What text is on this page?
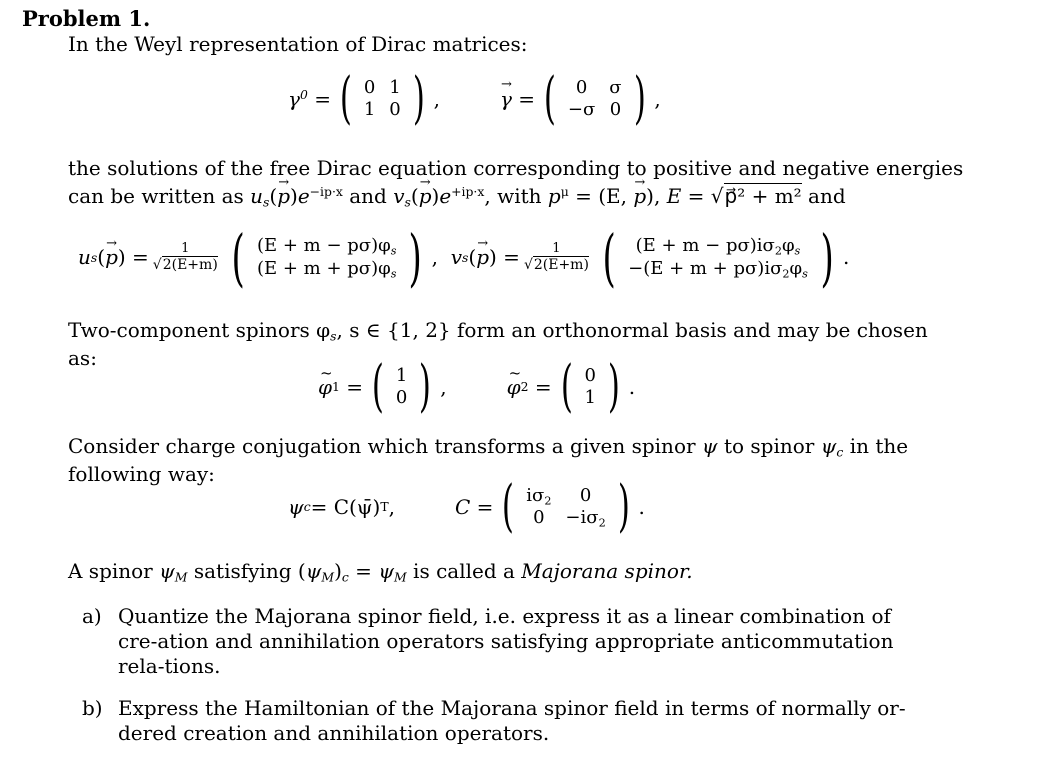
Problem 1.
In the Weyl representation of Dirac matrices:
$\gamma^0$ = ( 0	1
1	0 ) ,	γ → = ( 0	σ
−σ	0 ) ,
the solutions of the free Dirac equation corresponding to positive and negative energies
can be written as $u_s(p \to)e^{-ip\cdot x}$ and $v_s(p \to)e^{+ip\cdot x}$, with $p^\mu = (E$, p →), E = √p⃗² + m² and
u s ( p → ) = $\frac{1}{√2(E+m)}$ ( $(E + m - p\sigma)\varphi_s$
$(E + m + p\sigma)\varphi_s$ ) , v s ( p → ) = $\frac{1}{√2(E+m)}$ ( $(E + m - p\sigma)i\sigma_2\varphi_s$
$-(E + m + p\sigma)i\sigma_2\varphi_s$ ) .
Two-component spinors $\varphi_s$, s ∈ {1, 2} form an orthonormal basis and may be chosen
as:
φ ~ 1 = ( 1
0 ) ,	φ ~ 2 = ( 0
1 ) .
Consider charge conjugation which transforms a given spinor ψ to spinor $\psi_c$ in the
following way:
ψ c = C(ψ̄) T ,	C = ( $i\sigma_2$	0
0	$-i\sigma_2$ ) .
A spinor $\psi_M$ satisfying $(\psi_M)_c = \psi_M$ is called a Majorana spinor.
a) Quantize the Majorana spinor field, i.e. express it as a linear combination of cre-ation and annihilation operators satisfying appropriate anticommutation rela-tions.
b) Express the Hamiltonian of the Majorana spinor field in terms of normally or-dered creation and annihilation operators.
